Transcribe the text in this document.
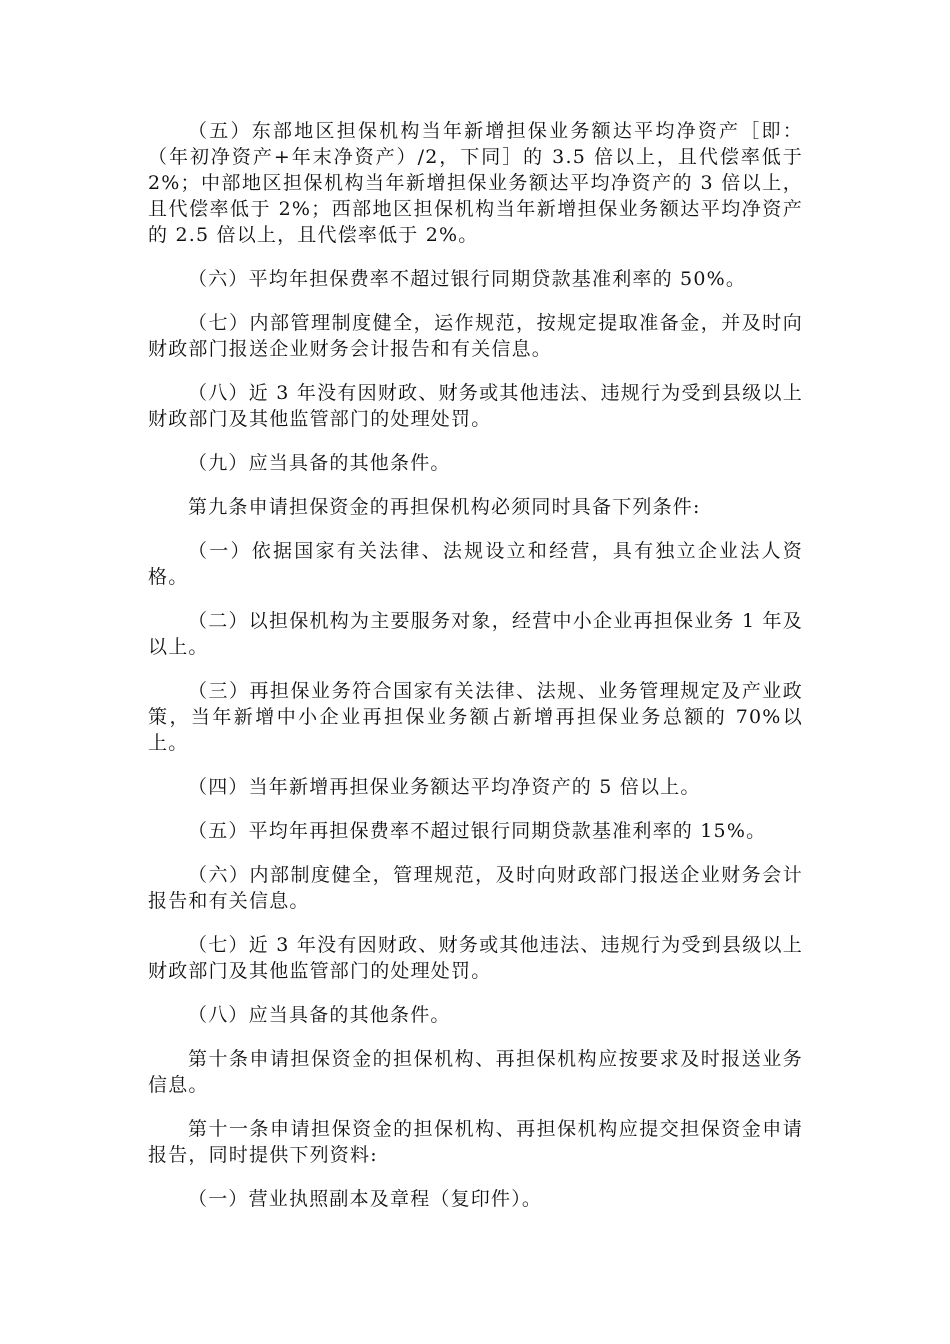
（五）东部地区担保机构当年新增担保业务额达平均净资产［即：（年初净资产+年末净资产）/2，下同］的 3.5 倍以上，且代偿率低于 2%；中部地区担保机构当年新增担保业务额达平均净资产的 3 倍以上，且代偿率低于 2%；西部地区担保机构当年新增担保业务额达平均净资产的 2.5 倍以上，且代偿率低于 2%。

（六）平均年担保费率不超过银行同期贷款基准利率的 50%。

（七）内部管理制度健全，运作规范，按规定提取准备金，并及时向财政部门报送企业财务会计报告和有关信息。

（八）近 3 年没有因财政、财务或其他违法、违规行为受到县级以上财政部门及其他监管部门的处理处罚。

（九）应当具备的其他条件。

第九条申请担保资金的再担保机构必须同时具备下列条件:

（一）依据国家有关法律、法规设立和经营，具有独立企业法人资格。

（二）以担保机构为主要服务对象，经营中小企业再担保业务 1 年及以上。

（三）再担保业务符合国家有关法律、法规、业务管理规定及产业政策，当年新增中小企业再担保业务额占新增再担保业务总额的 70%以上。

（四）当年新增再担保业务额达平均净资产的 5 倍以上。

（五）平均年再担保费率不超过银行同期贷款基准利率的 15%。

（六）内部制度健全，管理规范，及时向财政部门报送企业财务会计报告和有关信息。

（七）近 3 年没有因财政、财务或其他违法、违规行为受到县级以上财政部门及其他监管部门的处理处罚。

（八）应当具备的其他条件。

第十条申请担保资金的担保机构、再担保机构应按要求及时报送业务信息。

第十一条申请担保资金的担保机构、再担保机构应提交担保资金申请报告，同时提供下列资料:

（一）营业执照副本及章程（复印件）。
